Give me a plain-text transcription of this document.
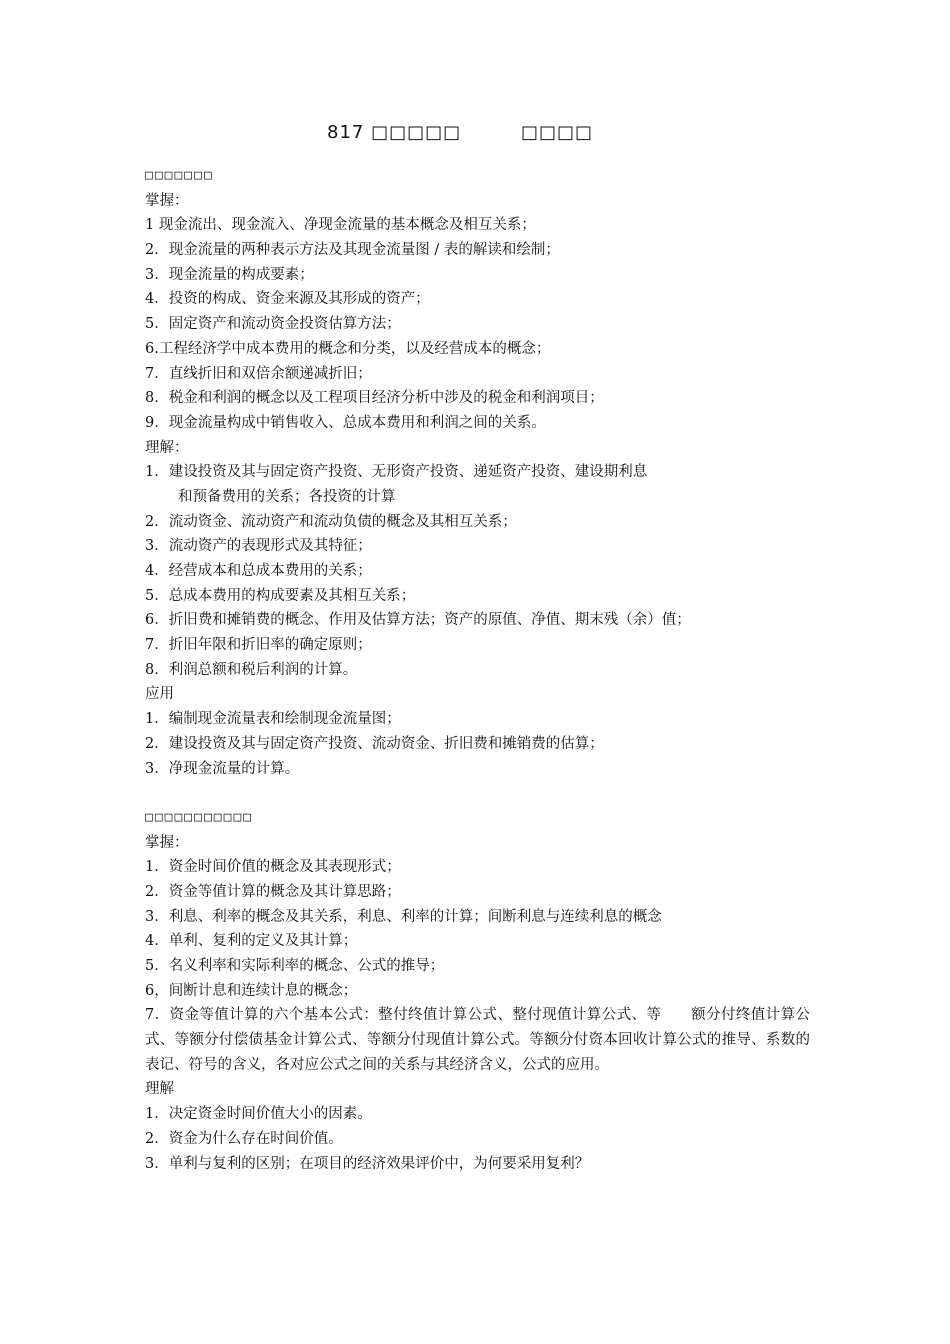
817 □□□□□	□□□□
□□□□□□□
掌握：
1 现金流出、现金流入、净现金流量的基本概念及相互关系；
2．现金流量的两种表示方法及其现金流量图 / 表的解读和绘制；
3．现金流量的构成要素；
4．投资的构成、资金来源及其形成的资产；
5．固定资产和流动资金投资估算方法；
6.工程经济学中成本费用的概念和分类，以及经营成本的概念；
7．直线折旧和双倍余额递减折旧；
8．税金和利润的概念以及工程项目经济分析中涉及的税金和利润项目；
9．现金流量构成中销售收入、总成本费用和利润之间的关系。
理解：
1．建设投资及其与固定资产投资、无形资产投资、递延资产投资、建设期利息
和预备费用的关系；各投资的计算
2．流动资金、流动资产和流动负债的概念及其相互关系；
3．流动资产的表现形式及其特征；
4．经营成本和总成本费用的关系；
5．总成本费用的构成要素及其相互关系；
6．折旧费和摊销费的概念、作用及估算方法；资产的原值、净值、期末残（余）值；
7．折旧年限和折旧率的确定原则；
8．利润总额和税后利润的计算。
应用
1．编制现金流量表和绘制现金流量图；
2．建设投资及其与固定资产投资、流动资金、折旧费和摊销费的估算；
3．净现金流量的计算。
□□□□□□□□□□□
掌握：
1．资金时间价值的概念及其表现形式；
2．资金等值计算的概念及其计算思路；
3．利息、利率的概念及其关系，利息、利率的计算；间断利息与连续利息的概念
4．单利、复利的定义及其计算；
5．名义利率和实际利率的概念、公式的推导；
6，间断计息和连续计息的概念；
7．资金等值计算的六个基本公式：整付终值计算公式、整付现值计算公式、等　　额分付终值计算公式、等额分付偿债基金计算公式、等额分付现值计算公式。等额分付资本回收计算公式的推导、系数的表记、符号的含义，各对应公式之间的关系与其经济含义，公式的应用。
理解
1．决定资金时间价值大小的因素。
2．资金为什么存在时间价值。
3．单利与复利的区别；在项目的经济效果评价中，为何要采用复利？
